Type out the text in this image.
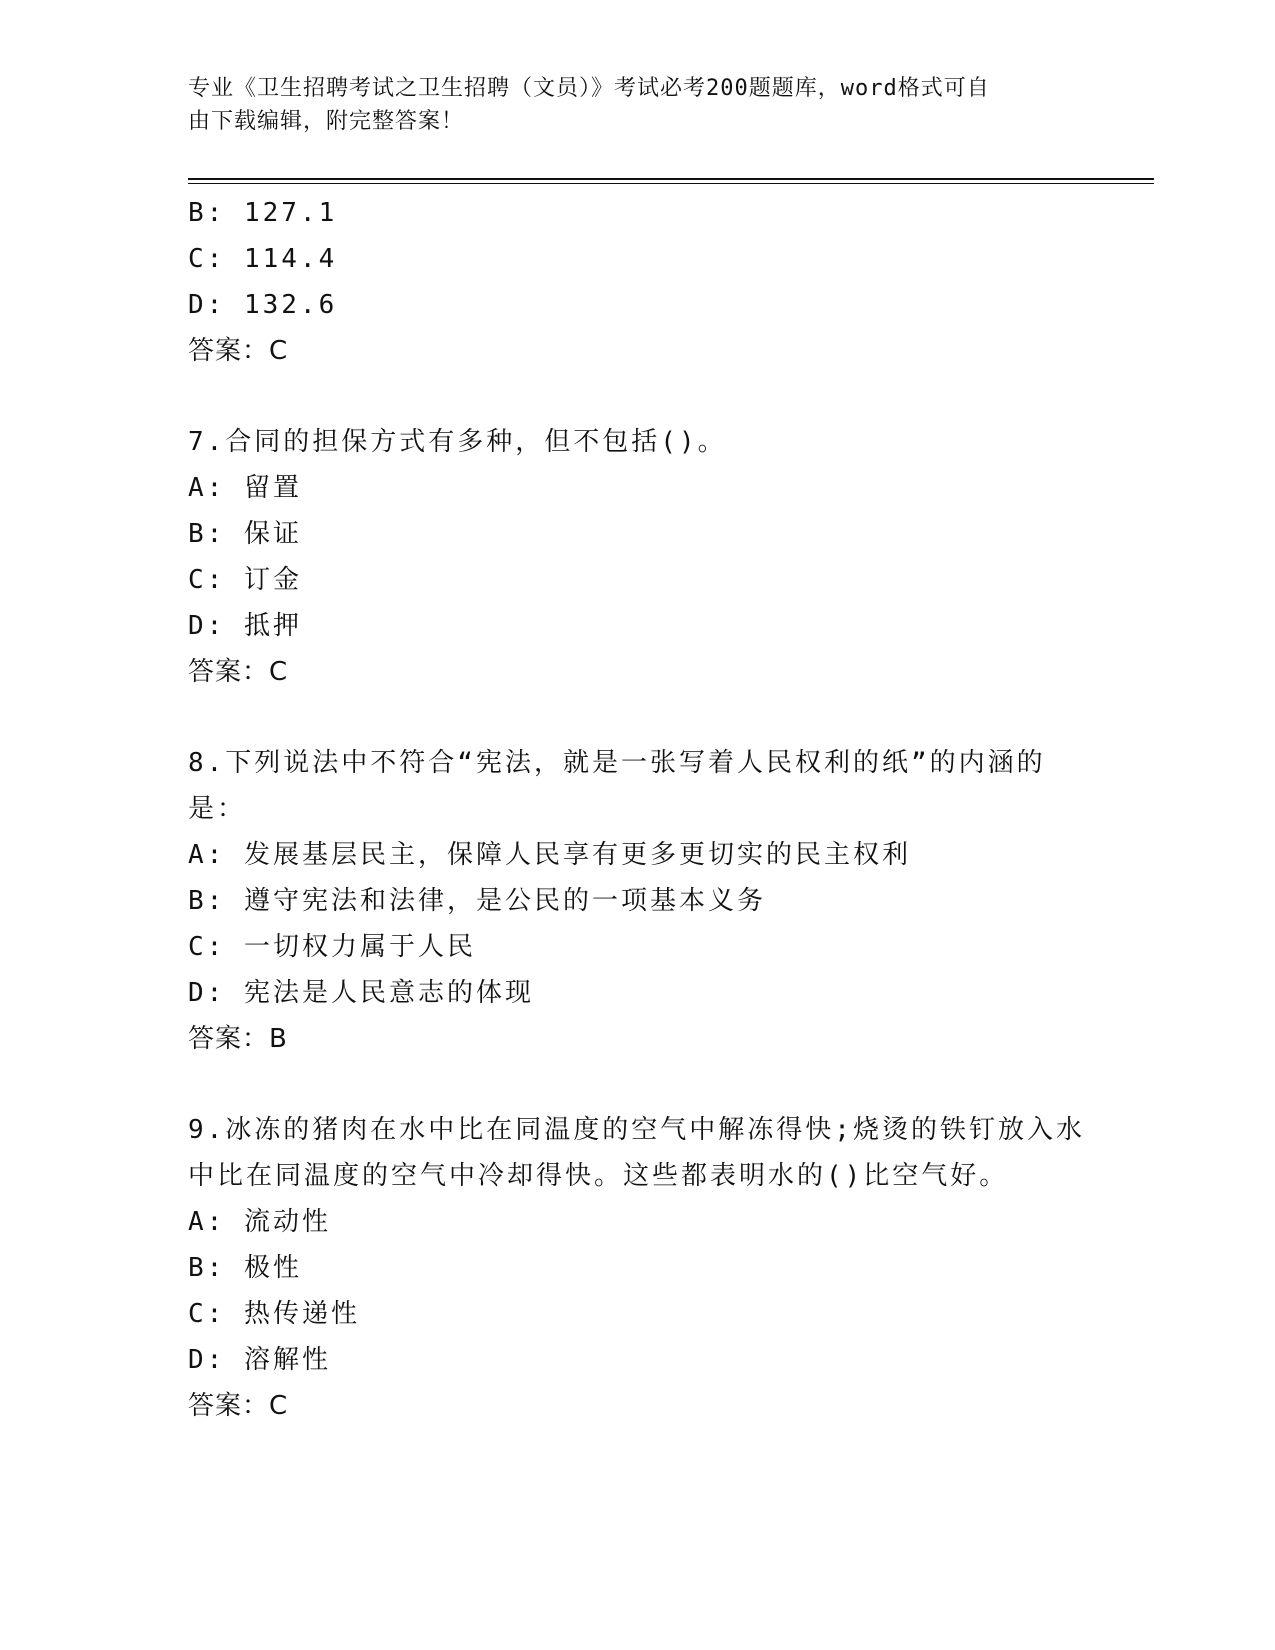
专业《卫生招聘考试之卫生招聘（文员）》考试必考200题题库，word格式可自
由下载编辑，附完整答案！
B: 127.1
C: 114.4
D: 132.6
答案：C
7.合同的担保方式有多种，但不包括()。
A: 留置
B: 保证
C: 订金
D: 抵押
答案：C
8.下列说法中不符合“宪法，就是一张写着人民权利的纸”的内涵的
是：
A: 发展基层民主，保障人民享有更多更切实的民主权利
B: 遵守宪法和法律，是公民的一项基本义务
C: 一切权力属于人民
D: 宪法是人民意志的体现
答案：B
9.冰冻的猪肉在水中比在同温度的空气中解冻得快;烧烫的铁钉放入水
中比在同温度的空气中冷却得快。这些都表明水的()比空气好。
A: 流动性
B: 极性
C: 热传递性
D: 溶解性
答案：C
